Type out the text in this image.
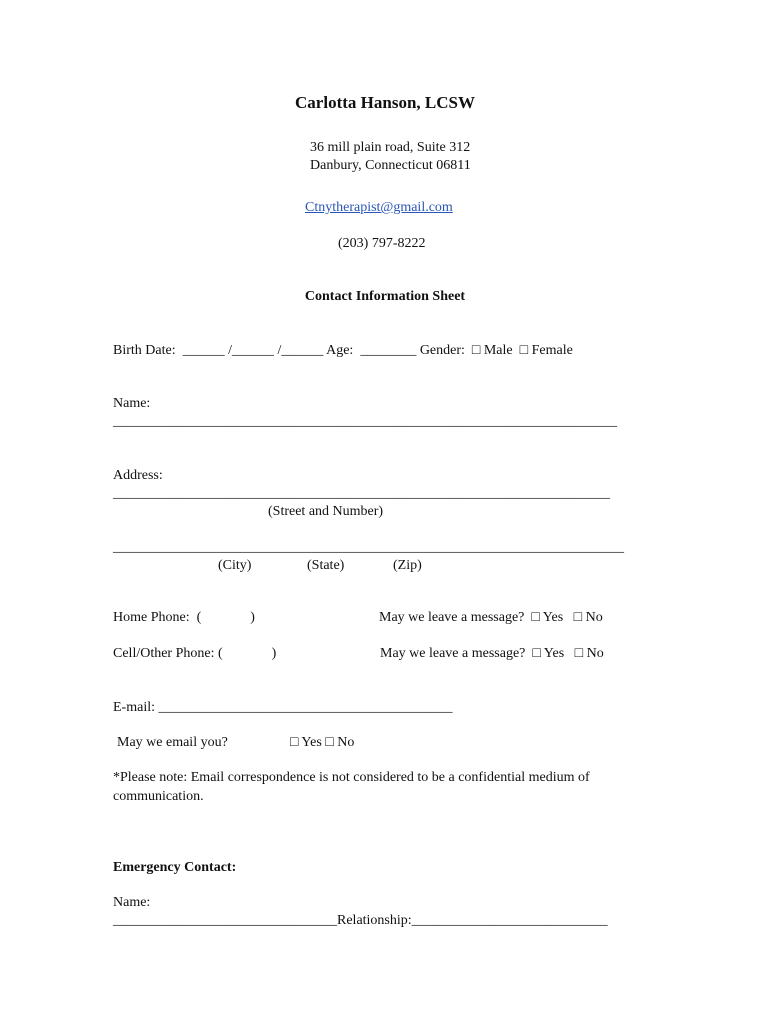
Carlotta Hanson, LCSW
36 mill plain road, Suite 312
Danbury, Connecticut 06811
Ctnytherapist@gmail.com
(203) 797-8222
Contact Information Sheet
Birth Date:  ______ /______ /______ Age:  ________ Gender:  □ Male  □ Female
Name:
________________________________________________________________________
Address:
_______________________________________________________________________
(Street and Number)
_________________________________________________________________________
(City)	(State)	(Zip)
Home Phone:  (              )	May we leave a message?  □ Yes   □ No
Cell/Other Phone: (              )	May we leave a message?  □ Yes   □ No
E-mail: __________________________________________
May we email you?	□ Yes □ No
*Please note: Email correspondence is not considered to be a confidential medium of
communication.
Emergency Contact:
Name:
________________________________Relationship:____________________________
